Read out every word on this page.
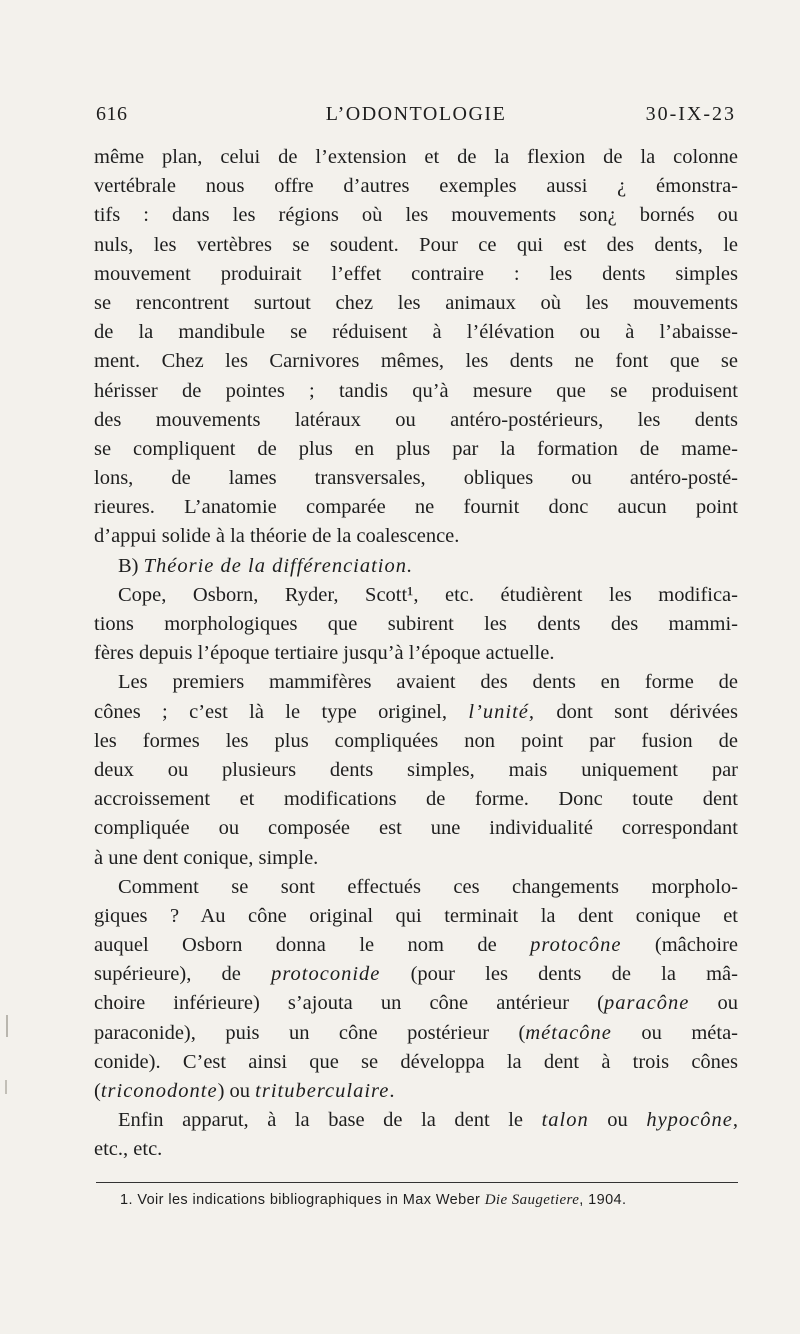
616	L’ODONTOLOGIE	30-IX-23
même plan, celui de l’extension et de la flexion de la colonne
vertébrale nous offre d’autres exemples aussi ¿ émonstra-
tifs : dans les régions où les mouvements son¿ bornés ou
nuls, les vertèbres se soudent. Pour ce qui est des dents, le
mouvement produirait l’effet contraire : les dents simples
se rencontrent surtout chez les animaux où les mouvements
de la mandibule se réduisent à l’élévation ou à l’abaisse-
ment. Chez les Carnivores mêmes, les dents ne font que se
hérisser de pointes ; tandis qu’à mesure que se produisent
des mouvements latéraux ou antéro-postérieurs, les dents
se compliquent de plus en plus par la formation de mame-
lons, de lames transversales, obliques ou antéro-posté-
rieures. L’anatomie comparée ne fournit donc aucun point
d’appui solide à la théorie de la coalescence.
B) Théorie de la différenciation.
Cope, Osborn, Ryder, Scott¹, etc. étudièrent les modifica-
tions morphologiques que subirent les dents des mammi-
fères depuis l’époque tertiaire jusqu’à l’époque actuelle.
Les premiers mammifères avaient des dents en forme de
cônes ; c’est là le type originel, l’unité, dont sont dérivées
les formes les plus compliquées non point par fusion de
deux ou plusieurs dents simples, mais uniquement par
accroissement et modifications de forme. Donc toute dent
compliquée ou composée est une individualité correspondant
à une dent conique, simple.
Comment se sont effectués ces changements morpholo-
giques ? Au cône original qui terminait la dent conique et
auquel Osborn donna le nom de protocône (mâchoire
supérieure), de protoconide (pour les dents de la mâ-
choire inférieure) s’ajouta un cône antérieur (paracône ou
paraconide), puis un cône postérieur (métacône ou méta-
conide). C’est ainsi que se développa la dent à trois cônes
(triconodonte) ou trituberculaire.
Enfin apparut, à la base de la dent le talon ou hypocône,
etc., etc.
1. Voir les indications bibliographiques in Max Weber Die Saugetiere, 1904.
